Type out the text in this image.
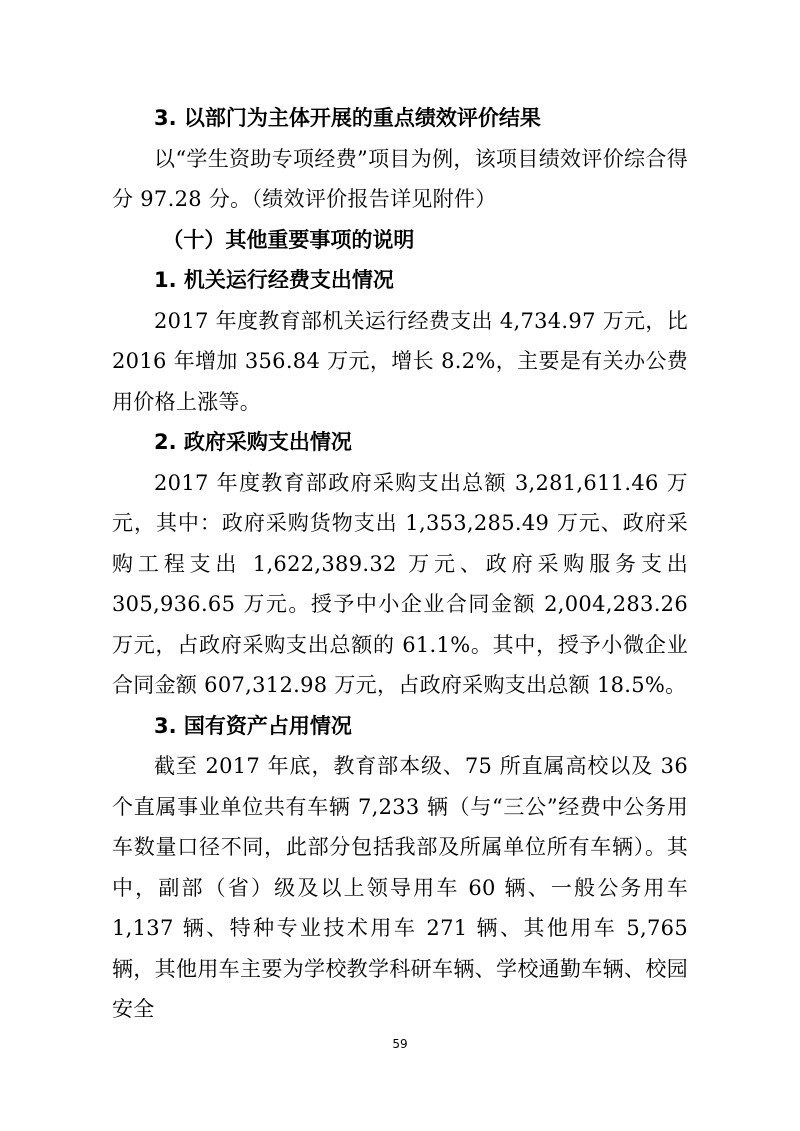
3. 以部门为主体开展的重点绩效评价结果

以“学生资助专项经费”项目为例，该项目绩效评价综合得分 97.28 分。（绩效评价报告详见附件）

（十）其他重要事项的说明

1. 机关运行经费支出情况

2017 年度教育部机关运行经费支出 4,734.97 万元，比 2016 年增加 356.84 万元，增长 8.2%，主要是有关办公费用价格上涨等。

2. 政府采购支出情况

2017 年度教育部政府采购支出总额 3,281,611.46 万元，其中：政府采购货物支出 1,353,285.49 万元、政府采购工程支出 1,622,389.32 万元、政府采购服务支出 305,936.65 万元。授予中小企业合同金额 2,004,283.26 万元，占政府采购支出总额的 61.1%。其中，授予小微企业合同金额 607,312.98 万元，占政府采购支出总额 18.5%。

3. 国有资产占用情况

截至 2017 年底，教育部本级、75 所直属高校以及 36 个直属事业单位共有车辆 7,233 辆（与“三公”经费中公务用车数量口径不同，此部分包括我部及所属单位所有车辆）。其中，副部（省）级及以上领导用车 60 辆、一般公务用车 1,137 辆、特种专业技术用车 271 辆、其他用车 5,765 辆，其他用车主要为学校教学科研车辆、学校通勤车辆、校园安全

59
